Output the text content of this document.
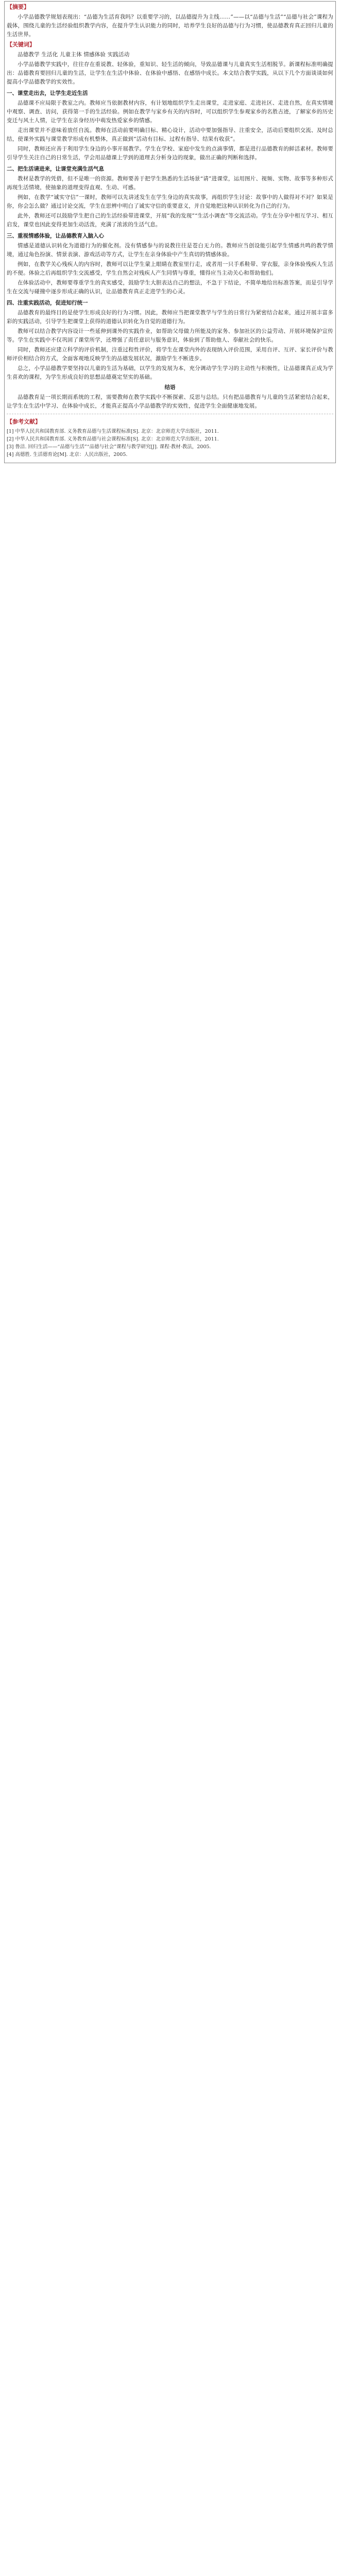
【摘要】

小学品德教学规划表现出：“品德为生活育我吗？以重要学习的，以品德提升为主线……”——以“品德与生活”“品德与社会”课程为载体，围绕儿童的生活经验组织教学内容，在提升学生认识能力的同时，培养学生良好的品德与行为习惯，使品德教育真正回归儿童的生活世界。

【关键词】

品德教学 生活化 儿童主体 情感体验 实践活动

小学品德教学实践中，往往存在重说教、轻体验，重知识、轻生活的倾向，导致品德课与儿童真实生活相脱节。新课程标准明确提出：品德教育要回归儿童的生活，让学生在生活中体验、在体验中感悟、在感悟中成长。本文结合教学实践，从以下几个方面谈谈如何提高小学品德教学的实效性。

一、课堂走出去，让学生走近生活

品德课不应局限于教室之内。教师应当依据教材内容，有计划地组织学生走出课堂，走进家庭、走进社区、走进自然，在真实情境中观察、调查、访问，获得第一手的生活经验。例如在教学与家乡有关的内容时，可以组织学生参观家乡的名胜古迹，了解家乡的历史变迁与风土人情，让学生在亲身经历中萌发热爱家乡的情感。

走出课堂并不意味着放任自流。教师在活动前要明确目标、精心设计，活动中要加强指导、注重安全，活动后要组织交流、及时总结，使课外实践与课堂教学形成有机整体，真正做到“活动有目标、过程有指导、结果有收获”。

同时，教师还应善于利用学生身边的小事开展教学。学生在学校、家庭中发生的点滴事情，都是进行品德教育的鲜活素材。教师要引导学生关注自己的日常生活，学会用品德课上学到的道理去分析身边的现象，做出正确的判断和选择。

二、把生活请进来，让课堂充满生活气息

教材是教学的凭借，但不是唯一的资源。教师要善于把学生熟悉的生活场景“请”进课堂，运用图片、视频、实物、故事等多种形式再现生活情境，使抽象的道理变得直观、生动、可感。

例如，在教学“诚实守信”一课时，教师可以先讲述发生在学生身边的真实故事，再组织学生讨论：故事中的人做得对不对？如果是你，你会怎么做？通过讨论交流，学生在思辨中明白了诚实守信的重要意义，并自觉地把这种认识转化为自己的行为。

此外，教师还可以鼓励学生把自己的生活经验带进课堂，开展“我的发现”“生活小调查”等交流活动。学生在分享中相互学习、相互启发，课堂也因此变得更加生动活泼，充满了浓浓的生活气息。

三、重视情感体验，让品德教育入脑入心

情感是道德认识转化为道德行为的催化剂。没有情感参与的说教往往是苍白无力的。教师应当创设能引起学生情感共鸣的教学情境，通过角色扮演、情景表演、游戏活动等方式，让学生在亲身体验中产生真切的情感体验。

例如，在教学关心残疾人的内容时，教师可以让学生蒙上眼睛在教室里行走，或者用一只手系鞋带、穿衣服，亲身体验残疾人生活的不便。体验之后再组织学生交流感受，学生自然会对残疾人产生同情与尊重，懂得应当主动关心和帮助他们。

在体验活动中，教师要尊重学生的真实感受，鼓励学生大胆表达自己的想法，不急于下结论，不简单地给出标准答案，而是引导学生在交流与碰撞中逐步形成正确的认识，让品德教育真正走进学生的心灵。

四、注重实践活动，促进知行统一

品德教育的最终目的是使学生形成良好的行为习惯。因此，教师应当把课堂教学与学生的日常行为紧密结合起来，通过开展丰富多彩的实践活动，引导学生把课堂上获得的道德认识转化为自觉的道德行为。

教师可以结合教学内容设计一些延伸到课外的实践作业，如帮助父母做力所能及的家务、参加社区的公益劳动、开展环境保护宣传等。学生在实践中不仅巩固了课堂所学，还增强了责任意识与服务意识，体验到了帮助他人、奉献社会的快乐。

同时，教师还应建立科学的评价机制，注重过程性评价，将学生在课堂内外的表现纳入评价范围，采用自评、互评、家长评价与教师评价相结合的方式，全面客观地反映学生的品德发展状况，激励学生不断进步。

总之，小学品德教学要坚持以儿童的生活为基础，以学生的发展为本，充分调动学生学习的主动性与积极性，让品德课真正成为学生喜欢的课程，为学生形成良好的思想品德奠定坚实的基础。

结语

品德教育是一项长期而系统的工程，需要教师在教学实践中不断探索、反思与总结。只有把品德教育与儿童的生活紧密结合起来，让学生在生活中学习、在体验中成长，才能真正提高小学品德教学的实效性，促进学生全面健康地发展。

【参考文献】

[1] 中华人民共和国教育部. 义务教育品德与生活课程标准[S]. 北京：北京师范大学出版社，2011.

[2] 中华人民共和国教育部. 义务教育品德与社会课程标准[S]. 北京：北京师范大学出版社，2011.

[3] 鲁洁. 回归生活——“品德与生活”“品德与社会”课程与教学研究[J]. 课程·教材·教法，2005.

[4] 高德胜. 生活德育论[M]. 北京：人民出版社，2005.
